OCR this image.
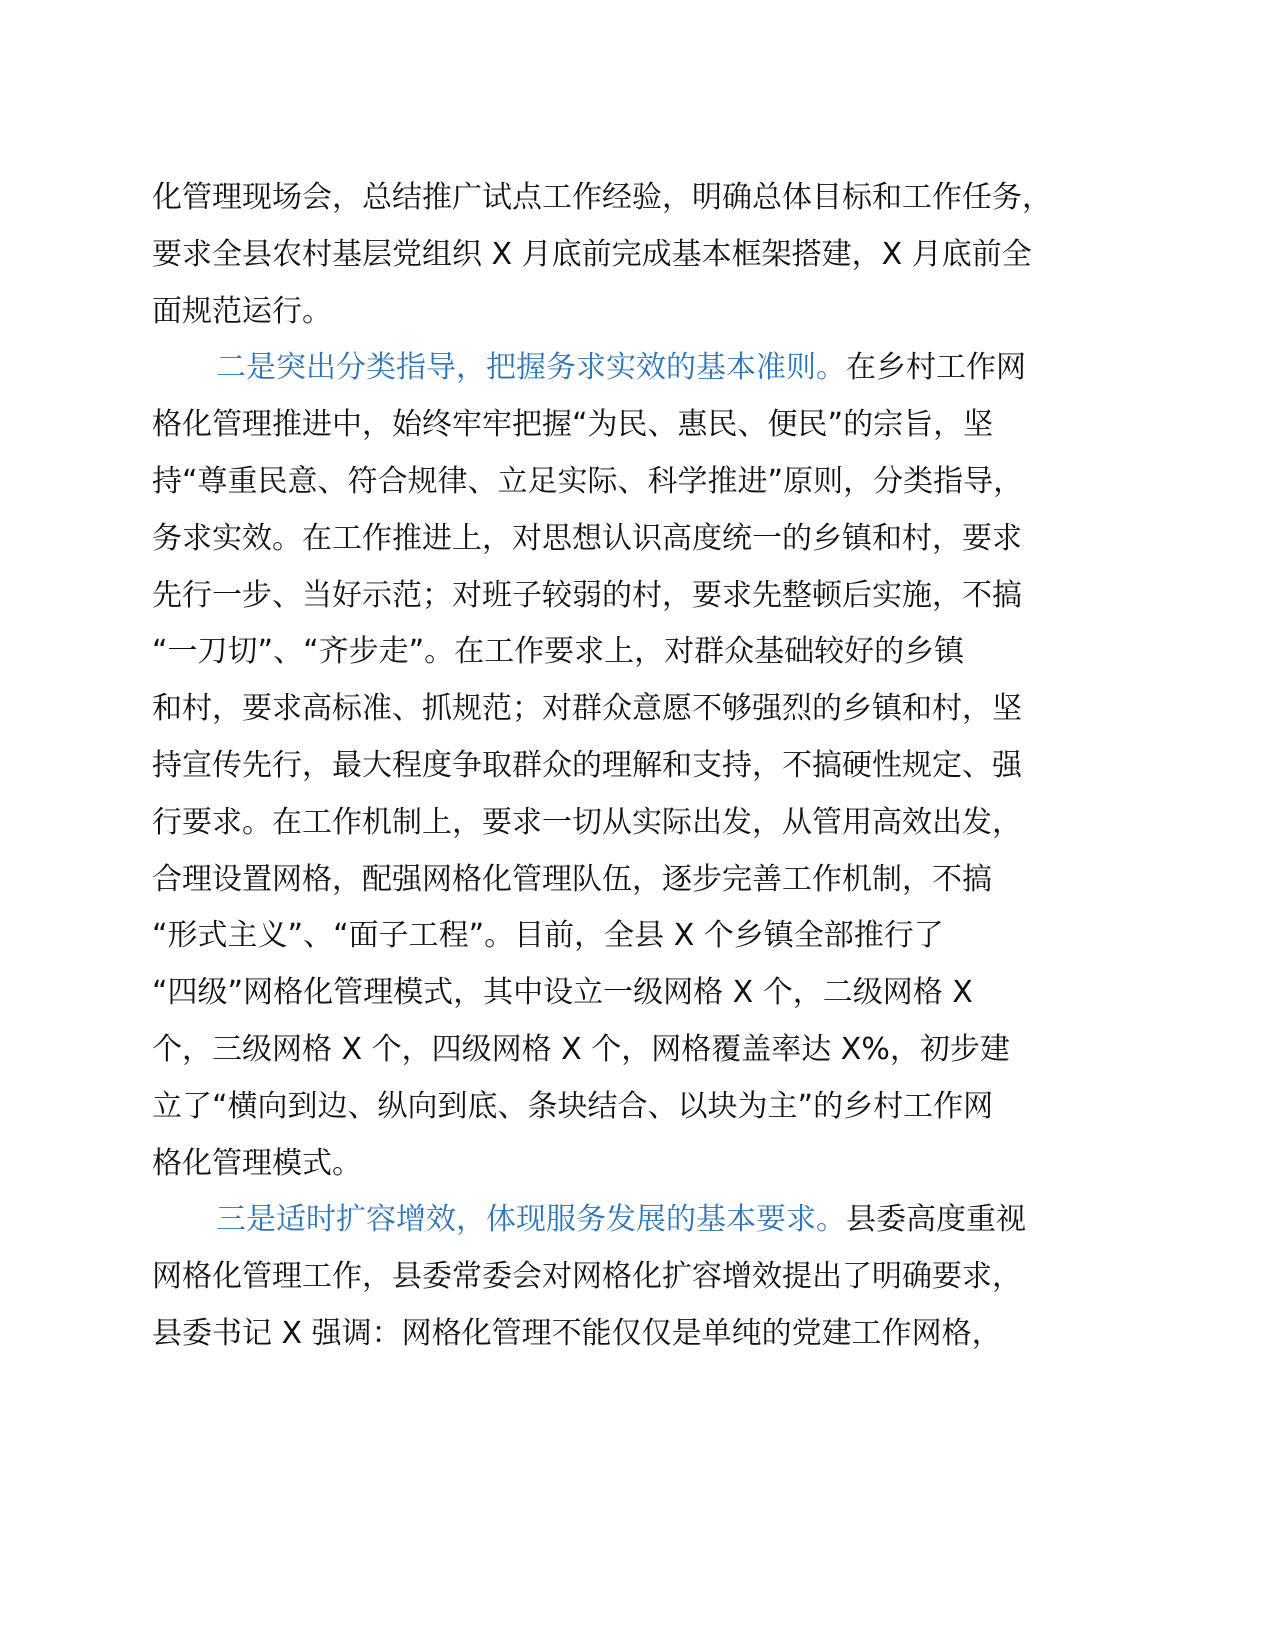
化管理现场会，总结推广试点工作经验，明确总体目标和工作任务，
要求全县农村基层党组织 X 月底前完成基本框架搭建，X 月底前全
面规范运行。
二是突出分类指导，把握务求实效的基本准则。在乡村工作网
格化管理推进中，始终牢牢把握“为民、惠民、便民”的宗旨，坚
持“尊重民意、符合规律、立足实际、科学推进”原则，分类指导，
务求实效。在工作推进上，对思想认识高度统一的乡镇和村，要求
先行一步、当好示范；对班子较弱的村，要求先整顿后实施，不搞
“一刀切”、“齐步走”。在工作要求上，对群众基础较好的乡镇
和村，要求高标准、抓规范；对群众意愿不够强烈的乡镇和村，坚
持宣传先行，最大程度争取群众的理解和支持，不搞硬性规定、强
行要求。在工作机制上，要求一切从实际出发，从管用高效出发，
合理设置网格，配强网格化管理队伍，逐步完善工作机制，不搞
“形式主义”、“面子工程”。目前，全县 X 个乡镇全部推行了
“四级”网格化管理模式，其中设立一级网格 X 个，二级网格 X
个，三级网格 X 个，四级网格 X 个，网格覆盖率达 X%，初步建
立了“横向到边、纵向到底、条块结合、以块为主”的乡村工作网
格化管理模式。
三是适时扩容增效，体现服务发展的基本要求。县委高度重视
网格化管理工作，县委常委会对网格化扩容增效提出了明确要求，
县委书记 X 强调：网格化管理不能仅仅是单纯的党建工作网格，
